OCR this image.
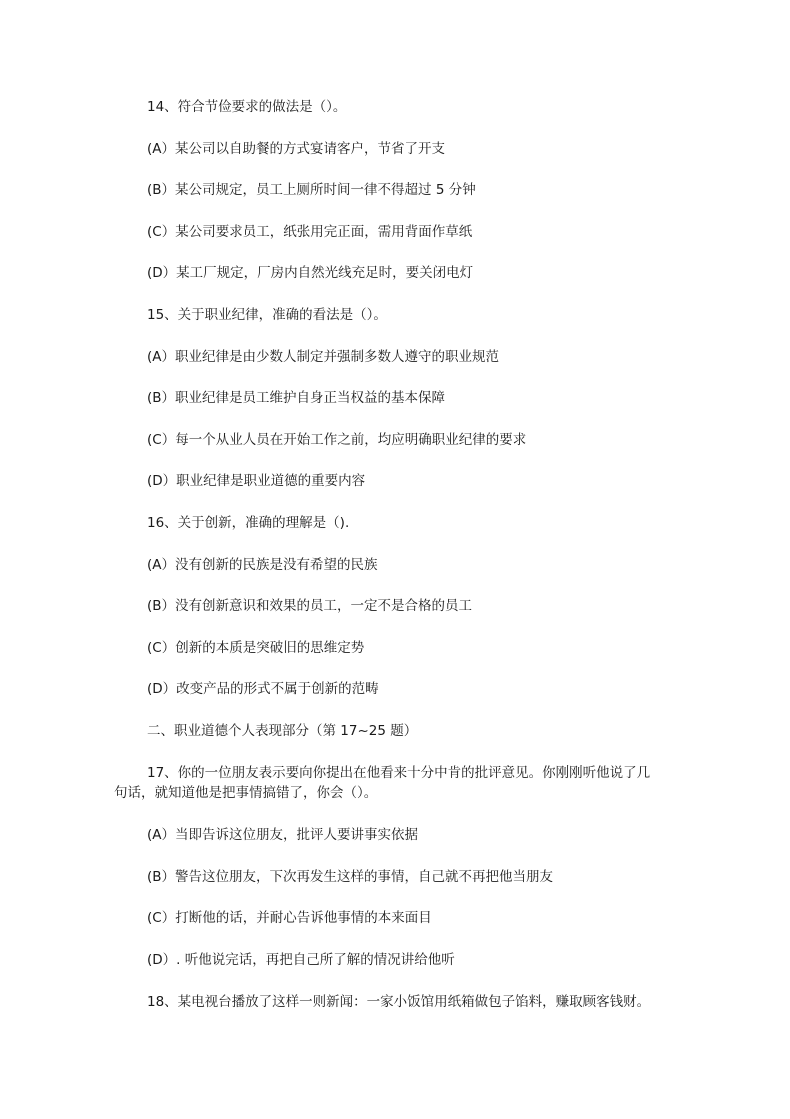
14、符合节俭要求的做法是（）。
(A）某公司以自助餐的方式宴请客户，节省了开支
(B）某公司规定，员工上厕所时间一律不得超过 5 分钟
(C）某公司要求员工，纸张用完正面，需用背面作草纸
(D）某工厂规定，厂房内自然光线充足时，要关闭电灯
15、关于职业纪律，准确的看法是（）。
(A）职业纪律是由少数人制定并强制多数人遵守的职业规范
(B）职业纪律是员工维护自身正当权益的基本保障
(C）每一个从业人员在开始工作之前，均应明确职业纪律的要求
(D）职业纪律是职业道德的重要内容
16、关于创新，准确的理解是（).
(A）没有创新的民族是没有希望的民族
(B）没有创新意识和效果的员工，一定不是合格的员工
(C）创新的本质是突破旧的思维定势
(D）改变产品的形式不属于创新的范畴
二、职业道德个人表现部分（第 17~25 题）
17、你的一位朋友表示要向你提出在他看来十分中肯的批评意见。你刚刚听他说了几
句话，就知道他是把事情搞错了，你会（）。
(A）当即告诉这位朋友，批评人要讲事实依据
(B）警告这位朋友，下次再发生这样的事情，自己就不再把他当朋友
(C）打断他的话，并耐心告诉他事情的本来面目
(D）. 听他说完话，再把自己所了解的情况讲给他听
18、某电视台播放了这样一则新闻：一家小饭馆用纸箱做包子馅料，赚取顾客钱财。
